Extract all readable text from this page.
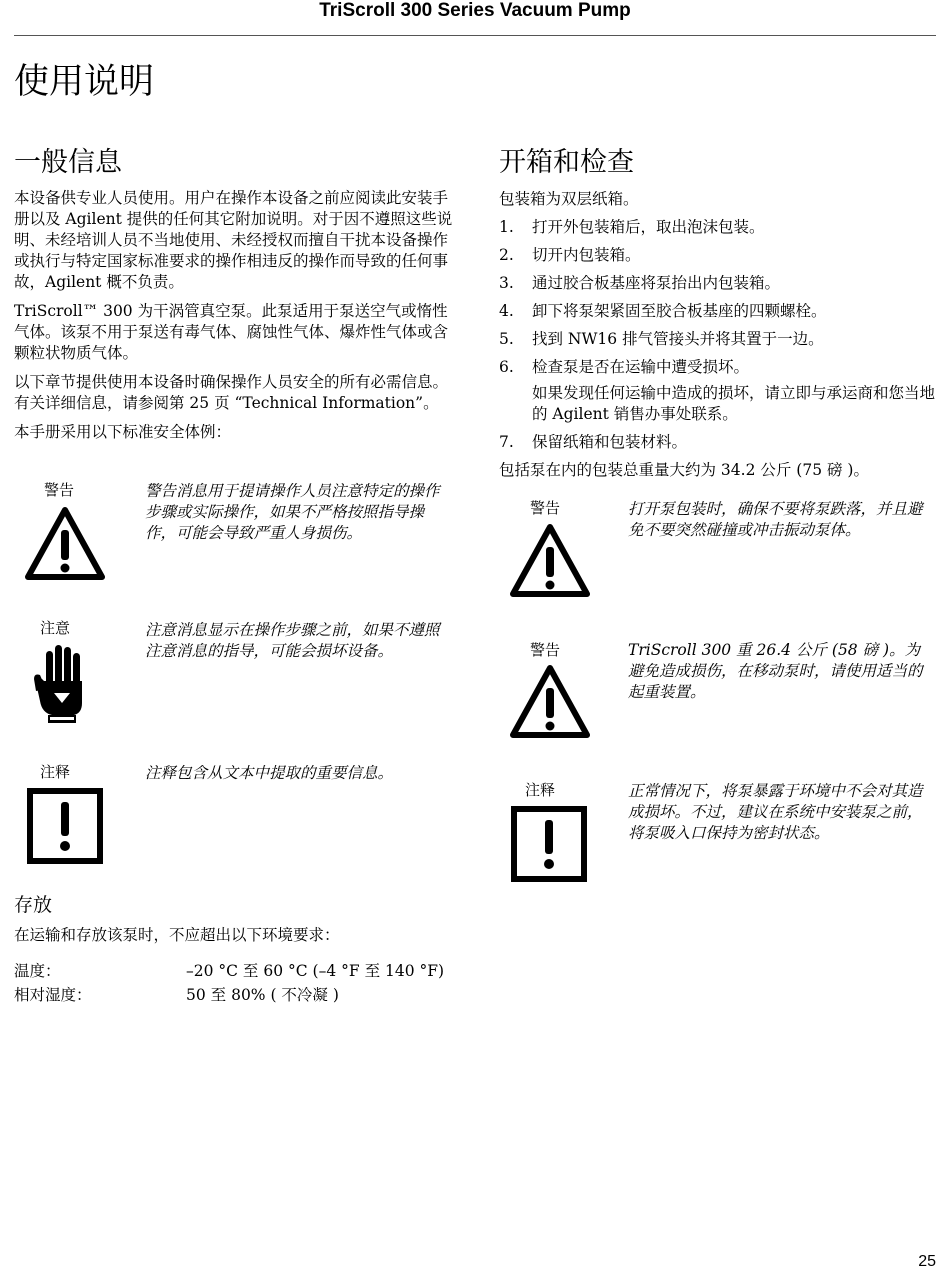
TriScroll 300 Series Vacuum Pump
使用说明
一般信息

本设备供专业人员使用。用户在操作本设备之前应阅读此安装手册以及 Agilent 提供的任何其它附加说明。对于因不遵照这些说明、未经培训人员不当地使用、未经授权而擅自干扰本设备操作或执行与特定国家标准要求的操作相违反的操作而导致的任何事故，Agilent 概不负责。

TriScroll™ 300 为干涡管真空泵。此泵适用于泵送空气或惰性气体。该泵不用于泵送有毒气体、腐蚀性气体、爆炸性气体或含颗粒状物质气体。

以下章节提供使用本设备时确保操作人员安全的所有必需信息。有关详细信息，请参阅第 25 页 “Technical Information”。

本手册采用以下标准安全体例：

警告	警告消息用于提请操作人员注意特定的操作步骤或实际操作，如果不严格按照指导操作，可能会导致严重人身损伤。
注意	注意消息显示在操作步骤之前，如果不遵照注意消息的指导，可能会损坏设备。
注释	注释包含从文本中提取的重要信息。
存放
在运输和存放该泵时，不应超出以下环境要求：
温度：	–20 °C 至 60 °C (–4 °F 至 140 °F)
相对湿度：	50 至 80% ( 不冷凝 )
开箱和检查
包装箱为双层纸箱。
1. 打开外包装箱后，取出泡沫包装。
2. 切开内包装箱。
3. 通过胶合板基座将泵抬出内包装箱。
4. 卸下将泵架紧固至胶合板基座的四颗螺栓。
5. 找到 NW16 排气管接头并将其置于一边。
6. 检查泵是否在运输中遭受损坏。
如果发现任何运输中造成的损坏，请立即与承运商和您当地的 Agilent 销售办事处联系。
7. 保留纸箱和包装材料。
包括泵在内的包装总重量大约为 34.2 公斤 (75 磅 )。
警告	打开泵包装时，确保不要将泵跌落，并且避免不要突然碰撞或冲击振动泵体。
警告	TriScroll 300 重 26.4 公斤 (58 磅 )。为避免造成损伤，在移动泵时，请使用适当的起重装置。
注释	正常情况下，将泵暴露于环境中不会对其造成损坏。不过，建议在系统中安装泵之前，将泵吸入口保持为密封状态。
25
